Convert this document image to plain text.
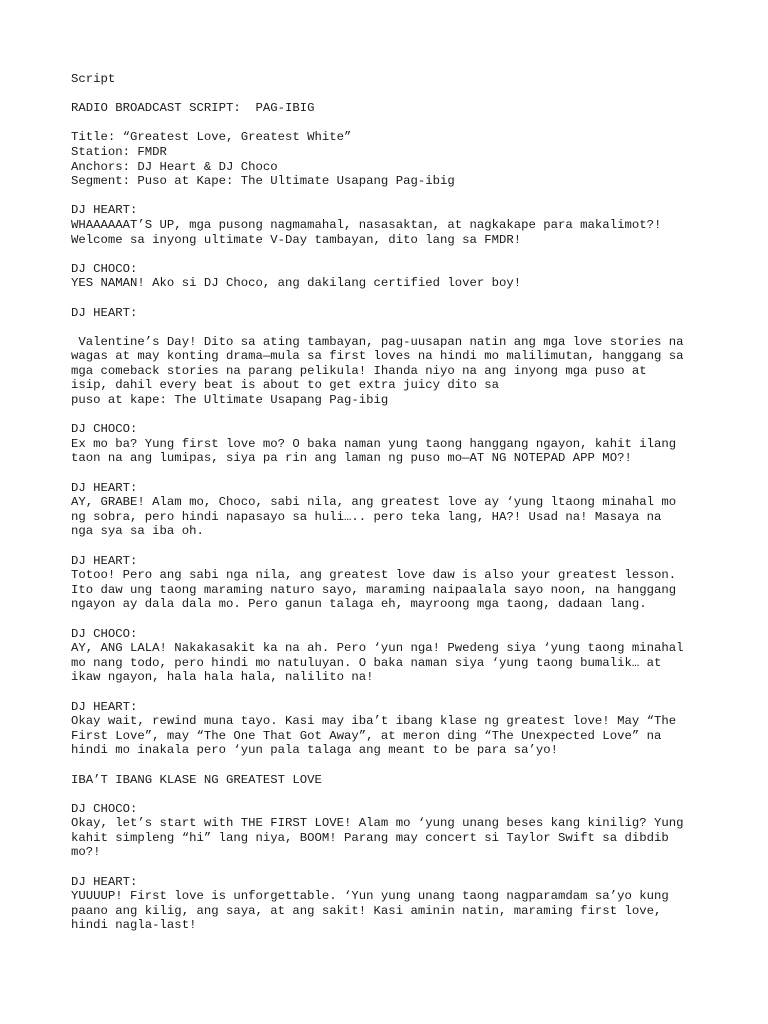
Script
RADIO BROADCAST SCRIPT:  PAG-IBIG
Title: “Greatest Love, Greatest White”
Station: FMDR
Anchors: DJ Heart & DJ Choco
Segment: Puso at Kape: The Ultimate Usapang Pag-ibig
DJ HEART:
WHAAAAAAT’S UP, mga pusong nagmamahal, nasasaktan, at nagkakape para makalimot?!
Welcome sa inyong ultimate V-Day tambayan, dito lang sa FMDR!
DJ CHOCO:
YES NAMAN! Ako si DJ Choco, ang dakilang certified lover boy!
DJ HEART:
Valentine’s Day! Dito sa ating tambayan, pag-uusapan natin ang mga love stories na
wagas at may konting drama—mula sa first loves na hindi mo malilimutan, hanggang sa
mga comeback stories na parang pelikula! Ihanda niyo na ang inyong mga puso at
isip, dahil every beat is about to get extra juicy dito sa
puso at kape: The Ultimate Usapang Pag-ibig
DJ CHOCO:
Ex mo ba? Yung first love mo? O baka naman yung taong hanggang ngayon, kahit ilang
taon na ang lumipas, siya pa rin ang laman ng puso mo—AT NG NOTEPAD APP MO?!
DJ HEART:
AY, GRABE! Alam mo, Choco, sabi nila, ang greatest love ay ‘yung ltaong minahal mo
ng sobra, pero hindi napasayo sa huli….. pero teka lang, HA?! Usad na! Masaya na
nga sya sa iba oh.
DJ HEART:
Totoo! Pero ang sabi nga nila, ang greatest love daw is also your greatest lesson.
Ito daw ung taong maraming naturo sayo, maraming naipaalala sayo noon, na hanggang
ngayon ay dala dala mo. Pero ganun talaga eh, mayroong mga taong, dadaan lang.
DJ CHOCO:
AY, ANG LALA! Nakakasakit ka na ah. Pero ‘yun nga! Pwedeng siya ‘yung taong minahal
mo nang todo, pero hindi mo natuluyan. O baka naman siya ‘yung taong bumalik… at
ikaw ngayon, hala hala hala, nalilito na!
DJ HEART:
Okay wait, rewind muna tayo. Kasi may iba’t ibang klase ng greatest love! May “The
First Love”, may “The One That Got Away”, at meron ding “The Unexpected Love” na
hindi mo inakala pero ‘yun pala talaga ang meant to be para sa’yo!
IBA’T IBANG KLASE NG GREATEST LOVE
DJ CHOCO:
Okay, let’s start with THE FIRST LOVE! Alam mo ‘yung unang beses kang kinilig? Yung
kahit simpleng “hi” lang niya, BOOM! Parang may concert si Taylor Swift sa dibdib
mo?!
DJ HEART:
YUUUUP! First love is unforgettable. ‘Yun yung unang taong nagparamdam sa’yo kung
paano ang kilig, ang saya, at ang sakit! Kasi aminin natin, maraming first love,
hindi nagla-last!
